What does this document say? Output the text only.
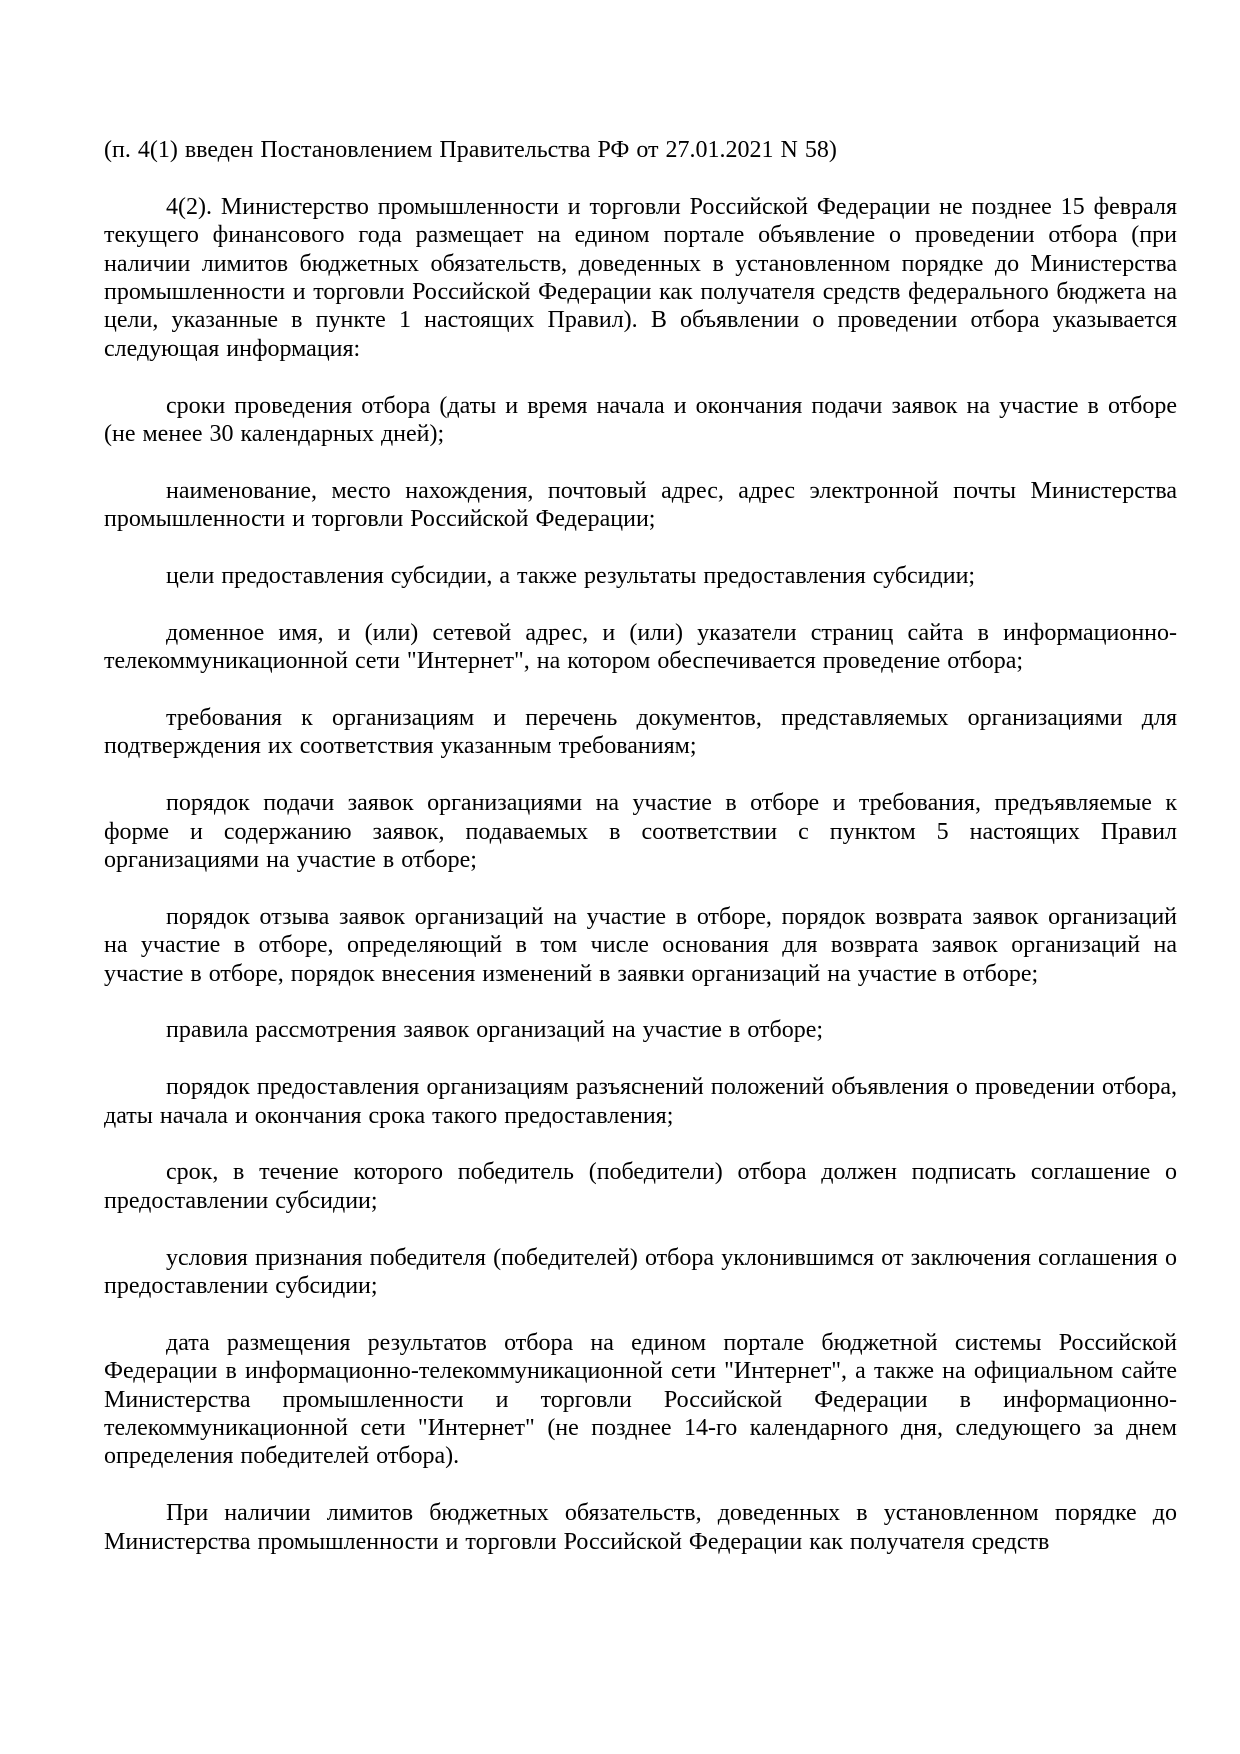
(п. 4(1) введен Постановлением Правительства РФ от 27.01.2021 N 58)

4(2). Министерство промышленности и торговли Российской Федерации не позднее 15 февраля текущего финансового года размещает на едином портале объявление о проведении отбора (при наличии лимитов бюджетных обязательств, доведенных в установленном порядке до Министерства промышленности и торговли Российской Федерации как получателя средств федерального бюджета на цели, указанные в пункте 1 настоящих Правил). В объявлении о проведении отбора указывается следующая информация:

сроки проведения отбора (даты и время начала и окончания подачи заявок на участие в отборе (не менее 30 календарных дней);

наименование, место нахождения, почтовый адрес, адрес электронной почты Министерства промышленности и торговли Российской Федерации;

цели предоставления субсидии, а также результаты предоставления субсидии;

доменное имя, и (или) сетевой адрес, и (или) указатели страниц сайта в информационно-телекоммуникационной сети "Интернет", на котором обеспечивается проведение отбора;

требования к организациям и перечень документов, представляемых организациями для подтверждения их соответствия указанным требованиям;

порядок подачи заявок организациями на участие в отборе и требования, предъявляемые к форме и содержанию заявок, подаваемых в соответствии с пунктом 5 настоящих Правил организациями на участие в отборе;

порядок отзыва заявок организаций на участие в отборе, порядок возврата заявок организаций на участие в отборе, определяющий в том числе основания для возврата заявок организаций на участие в отборе, порядок внесения изменений в заявки организаций на участие в отборе;

правила рассмотрения заявок организаций на участие в отборе;

порядок предоставления организациям разъяснений положений объявления о проведении отбора, даты начала и окончания срока такого предоставления;

срок, в течение которого победитель (победители) отбора должен подписать соглашение о предоставлении субсидии;

условия признания победителя (победителей) отбора уклонившимся от заключения соглашения о предоставлении субсидии;

дата размещения результатов отбора на едином портале бюджетной системы Российской Федерации в информационно-телекоммуникационной сети "Интернет", а также на официальном сайте Министерства промышленности и торговли Российской Федерации в информационно-телекоммуникационной сети "Интернет" (не позднее 14-го календарного дня, следующего за днем определения победителей отбора).

При наличии лимитов бюджетных обязательств, доведенных в установленном порядке до Министерства промышленности и торговли Российской Федерации как получателя средств
